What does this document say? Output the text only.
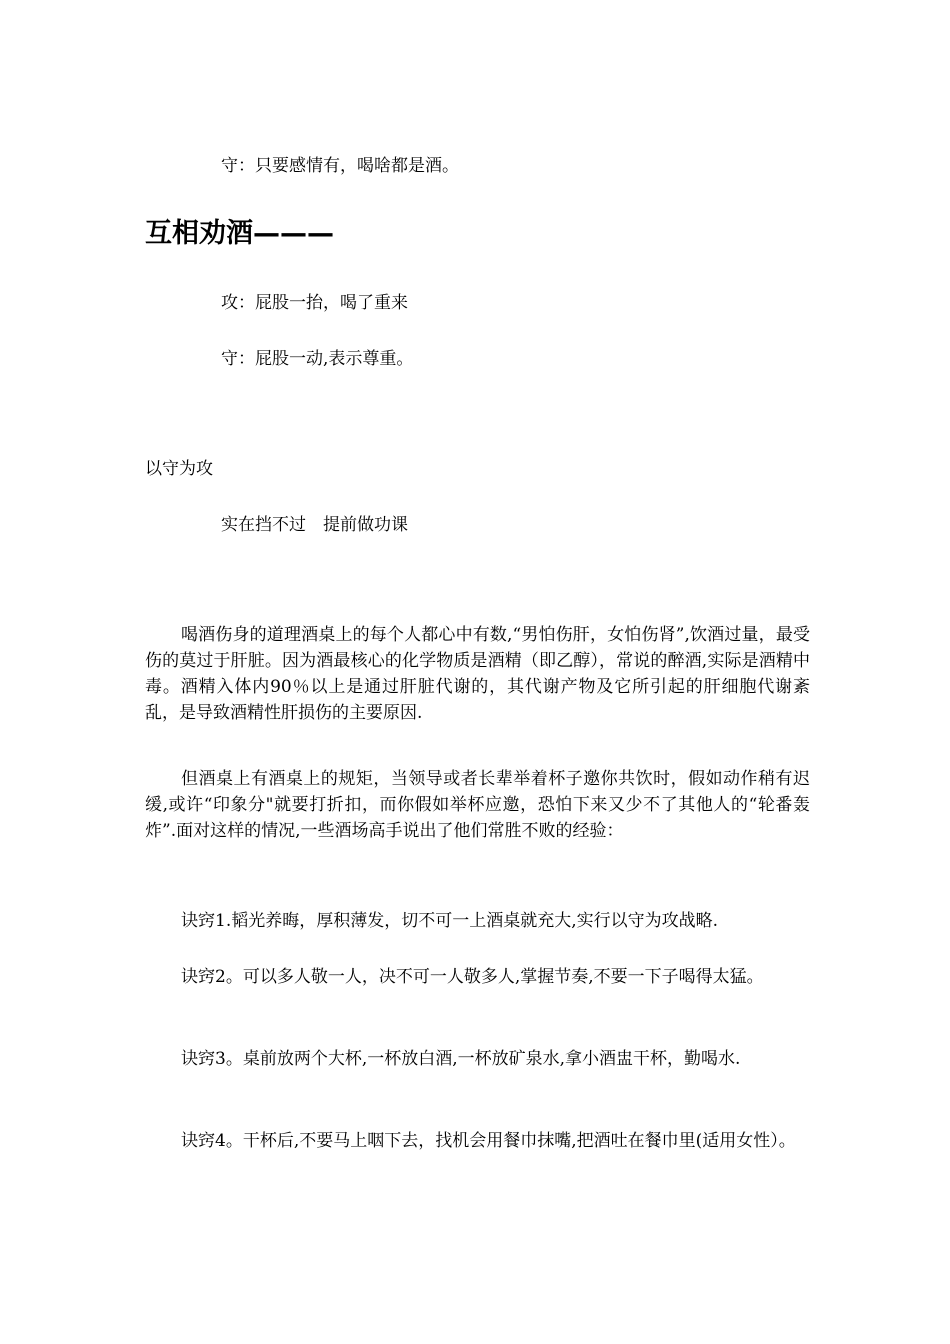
守：只要感情有，喝啥都是酒。

互相劝酒———

攻：屁股一抬，喝了重来

守：屁股一动,表示尊重。

以守为攻

实在挡不过　提前做功课

喝酒伤身的道理酒桌上的每个人都心中有数,“男怕伤肝，女怕伤肾”,饮酒过量，最受伤的莫过于肝脏。因为酒最核心的化学物质是酒精（即乙醇），常说的醉酒,实际是酒精中毒。酒精入体内90％以上是通过肝脏代谢的，其代谢产物及它所引起的肝细胞代谢紊乱，是导致酒精性肝损伤的主要原因.

但酒桌上有酒桌上的规矩，当领导或者长辈举着杯子邀你共饮时，假如动作稍有迟缓,或许“印象分"就要打折扣，而你假如举杯应邀，恐怕下来又少不了其他人的“轮番轰炸”.面对这样的情况,一些酒场高手说出了他们常胜不败的经验：

诀窍1.韬光养晦，厚积薄发，切不可一上酒桌就充大,实行以守为攻战略.

诀窍2。可以多人敬一人，决不可一人敬多人,掌握节奏,不要一下子喝得太猛。

诀窍3。桌前放两个大杯,一杯放白酒,一杯放矿泉水,拿小酒盅干杯，勤喝水.

诀窍4。干杯后,不要马上咽下去，找机会用餐巾抹嘴,把酒吐在餐巾里(适用女性）。
